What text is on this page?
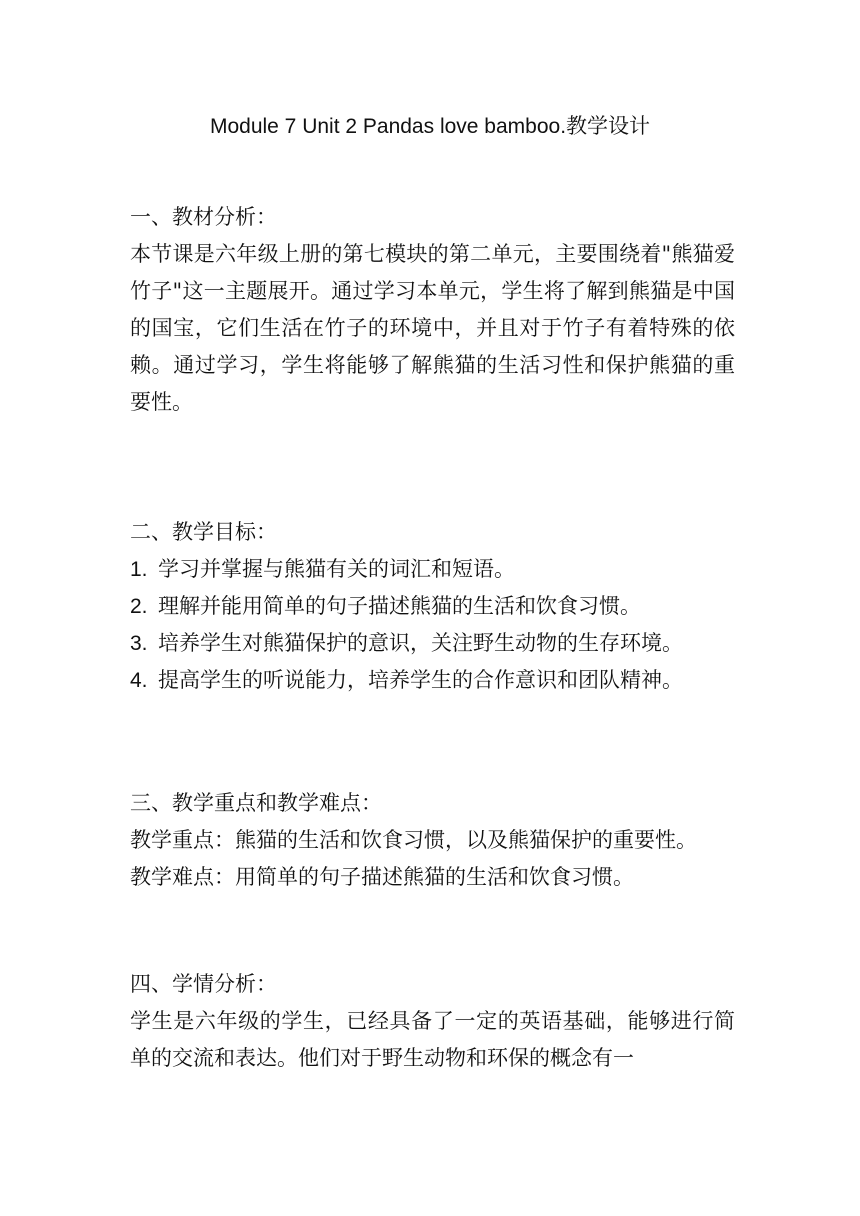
Module 7 Unit 2 Pandas love bamboo.教学设计

一、教材分析：

本节课是六年级上册的第七模块的第二单元，主要围绕着"熊猫爱竹子"这一主题展开。通过学习本单元，学生将了解到熊猫是中国的国宝，它们生活在竹子的环境中，并且对于竹子有着特殊的依赖。通过学习，学生将能够了解熊猫的生活习性和保护熊猫的重要性。

二、教学目标：

1. 学习并掌握与熊猫有关的词汇和短语。
2. 理解并能用简单的句子描述熊猫的生活和饮食习惯。
3. 培养学生对熊猫保护的意识，关注野生动物的生存环境。
4. 提高学生的听说能力，培养学生的合作意识和团队精神。

三、教学重点和教学难点：

教学重点：熊猫的生活和饮食习惯，以及熊猫保护的重要性。

教学难点：用简单的句子描述熊猫的生活和饮食习惯。

四、学情分析：

学生是六年级的学生，已经具备了一定的英语基础，能够进行简单的交流和表达。他们对于野生动物和环保的概念有一
